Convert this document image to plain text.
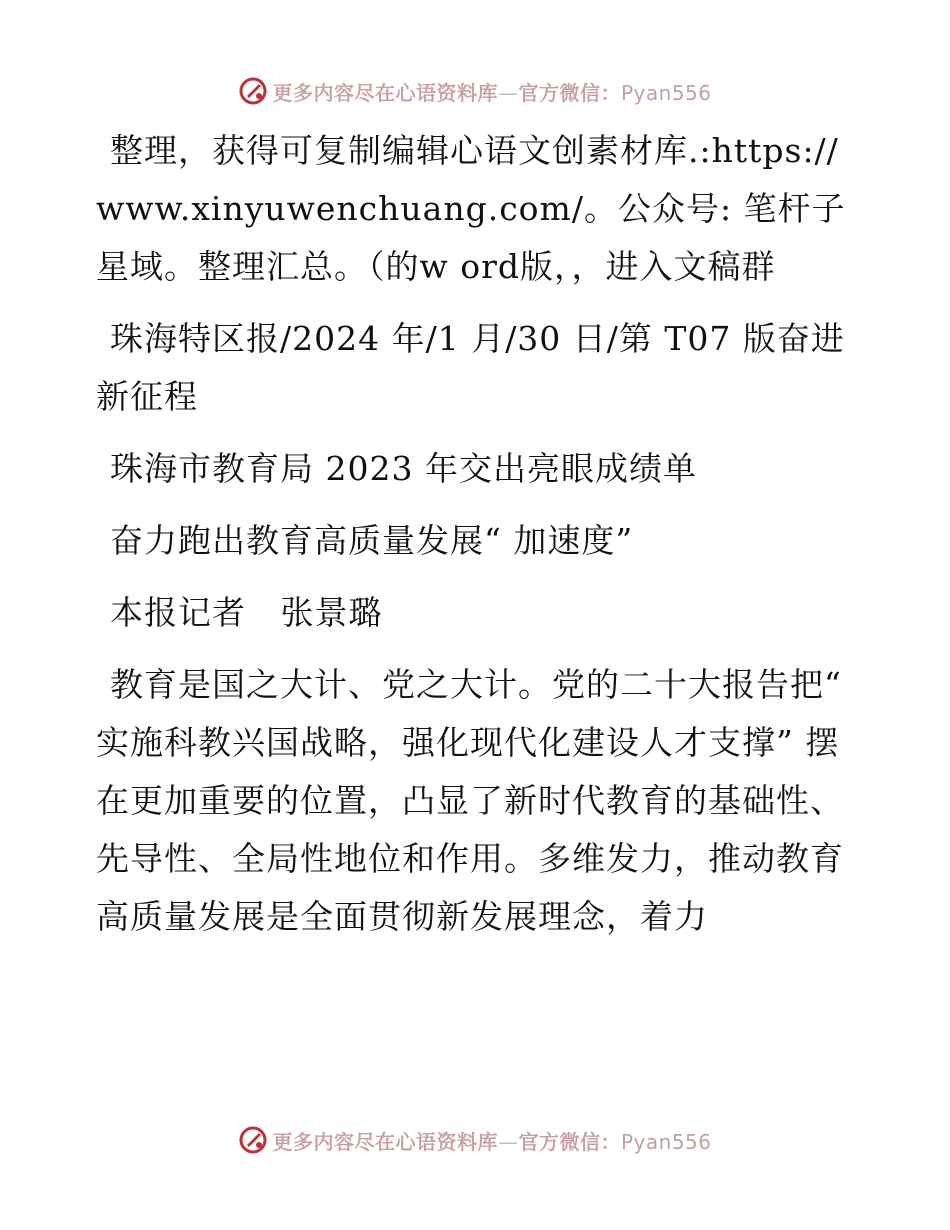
更多内容尽在心语资料库—官方微信：Pyan556

整理，获得可复制编辑心语文创素材库.:https://www.xinyuwenchuang.com/。公众号: 笔杆子星域。整理汇总。（的w ord版，，进入文稿群

珠海特区报/2024 年/1 月/30 日/第 T07 版奋进新征程

珠海市教育局 2023 年交出亮眼成绩单

奋力跑出教育高质量发展“ 加速度”

本报记者   张景璐

教育是国之大计、党之大计。党的二十大报告把“ 实施科教兴国战略，强化现代化建设人才支撑” 摆在更加重要的位置，凸显了新时代教育的基础性、先导性、全局性地位和作用。多维发力，推动教育高质量发展是全面贯彻新发展理念，着力

更多内容尽在心语资料库—官方微信：Pyan556
